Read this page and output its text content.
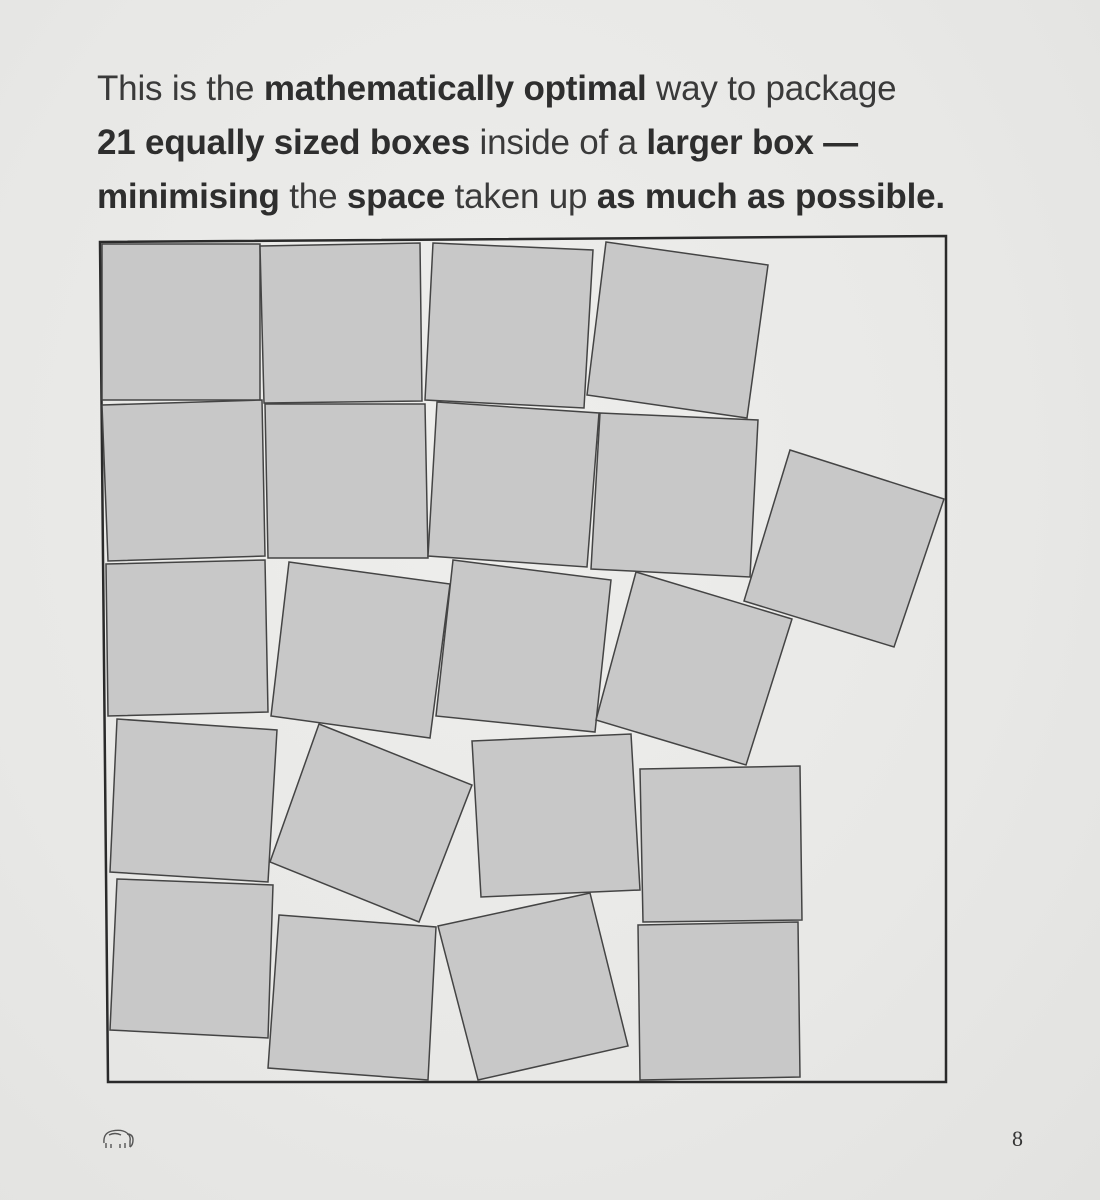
This is the mathematically optimal way to package
21 equally sized boxes inside of a larger box —
minimising the space taken up as much as possible.
8
